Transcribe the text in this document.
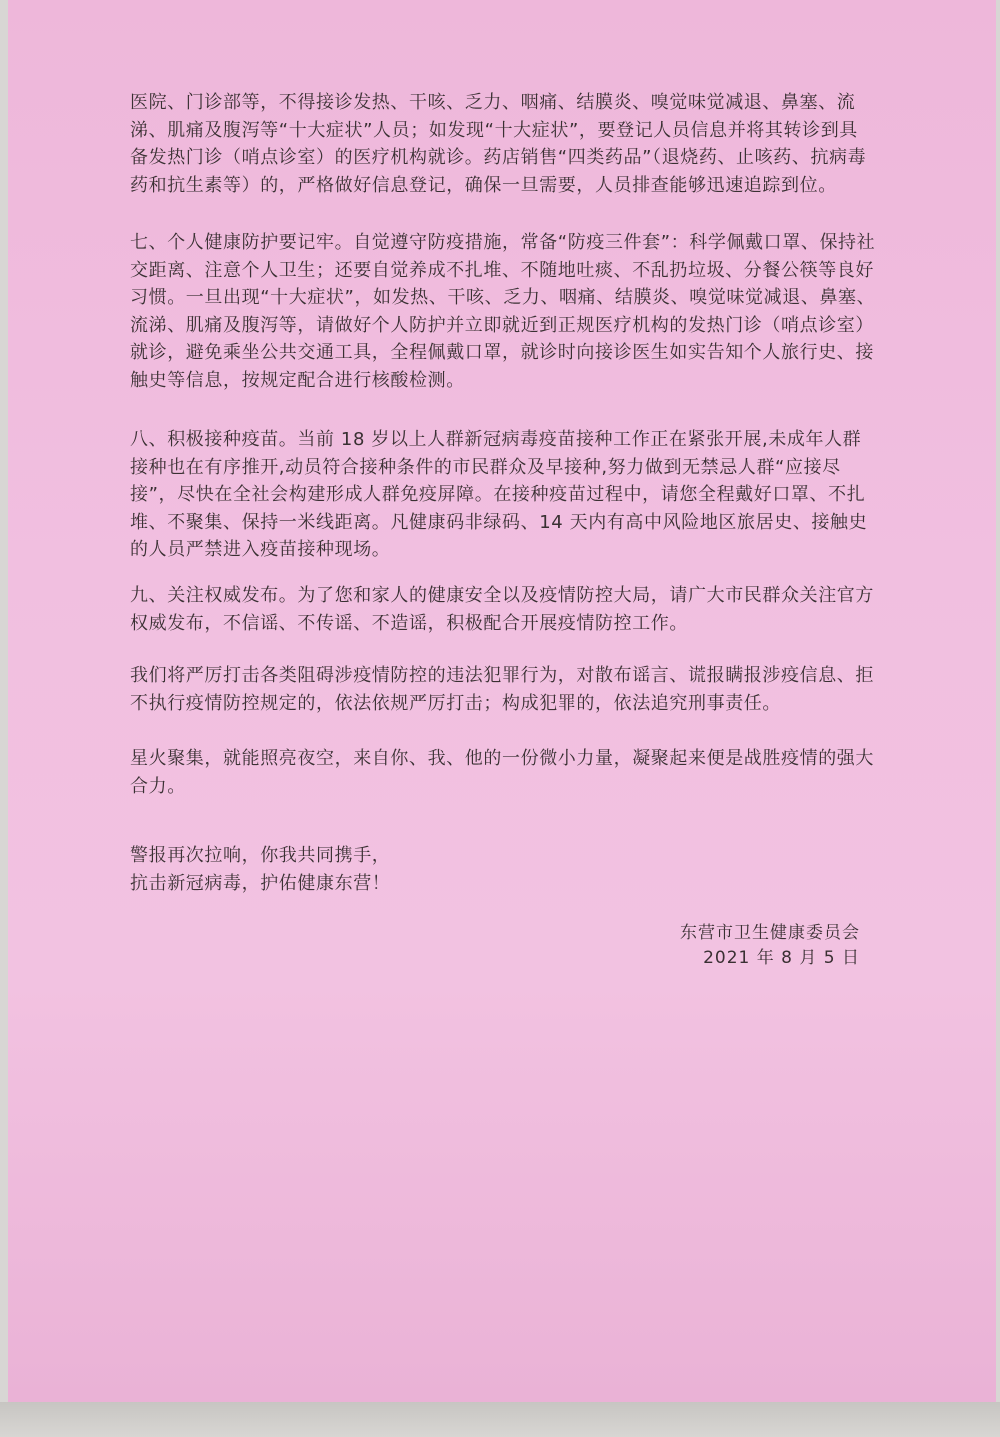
医院、门诊部等，不得接诊发热、干咳、乏力、咽痛、结膜炎、嗅觉味觉减退、鼻塞、流涕、肌痛及腹泻等“十大症状”人员；如发现“十大症状”，要登记人员信息并将其转诊到具备发热门诊（哨点诊室）的医疗机构就诊。药店销售“四类药品”（退烧药、止咳药、抗病毒药和抗生素等）的，严格做好信息登记，确保一旦需要，人员排查能够迅速追踪到位。
七、个人健康防护要记牢。自觉遵守防疫措施，常备“防疫三件套”：科学佩戴口罩、保持社交距离、注意个人卫生；还要自觉养成不扎堆、不随地吐痰、不乱扔垃圾、分餐公筷等良好习惯。一旦出现“十大症状”，如发热、干咳、乏力、咽痛、结膜炎、嗅觉味觉减退、鼻塞、流涕、肌痛及腹泻等，请做好个人防护并立即就近到正规医疗机构的发热门诊（哨点诊室）就诊，避免乘坐公共交通工具，全程佩戴口罩，就诊时向接诊医生如实告知个人旅行史、接触史等信息，按规定配合进行核酸检测。
八、积极接种疫苗。当前 18 岁以上人群新冠病毒疫苗接种工作正在紧张开展,未成年人群接种也在有序推开,动员符合接种条件的市民群众及早接种,努力做到无禁忌人群“应接尽接”，尽快在全社会构建形成人群免疫屏障。在接种疫苗过程中，请您全程戴好口罩、不扎堆、不聚集、保持一米线距离。凡健康码非绿码、14 天内有高中风险地区旅居史、接触史的人员严禁进入疫苗接种现场。
九、关注权威发布。为了您和家人的健康安全以及疫情防控大局，请广大市民群众关注官方权威发布，不信谣、不传谣、不造谣，积极配合开展疫情防控工作。
我们将严厉打击各类阻碍涉疫情防控的违法犯罪行为，对散布谣言、谎报瞒报涉疫信息、拒不执行疫情防控规定的，依法依规严厉打击；构成犯罪的，依法追究刑事责任。
星火聚集，就能照亮夜空，来自你、我、他的一份微小力量，凝聚起来便是战胜疫情的强大合力。
警报再次拉响，你我共同携手，
抗击新冠病毒，护佑健康东营！
东营市卫生健康委员会
2021 年 8 月 5 日
